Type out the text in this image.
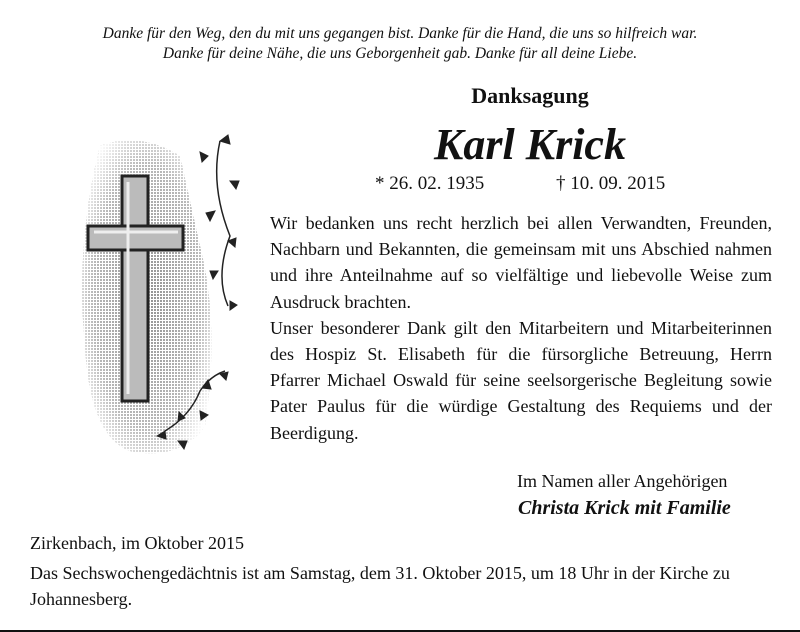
Danke für den Weg, den du mit uns gegangen bist. Danke für die Hand, die uns so hilfreich war.
Danke für deine Nähe, die uns Geborgenheit gab. Danke für all deine Liebe.
Danksagung
Karl Krick
* 26. 02. 1935	† 10. 09. 2015

Wir bedanken uns recht herzlich bei allen Verwandten, Freunden, Nachbarn und Bekannten, die gemeinsam mit uns Abschied nahmen und ihre Anteilnahme auf so vielfältige und liebevolle Weise zum Ausdruck brachten.

Unser besonderer Dank gilt den Mitarbeitern und Mitarbeiterinnen des Hospiz St. Elisabeth für die fürsorgliche Betreuung, Herrn Pfarrer Michael Oswald für seine seelsorgerische Begleitung sowie Pater Paulus für die würdige Gestaltung des Requiems und der Beerdigung.

Im Namen aller Angehörigen
Christa Krick mit Familie
Zirkenbach, im Oktober 2015
Das Sechswochengedächtnis ist am Samstag, dem 31. Oktober 2015, um 18 Uhr in der Kirche zu Johannesberg.
